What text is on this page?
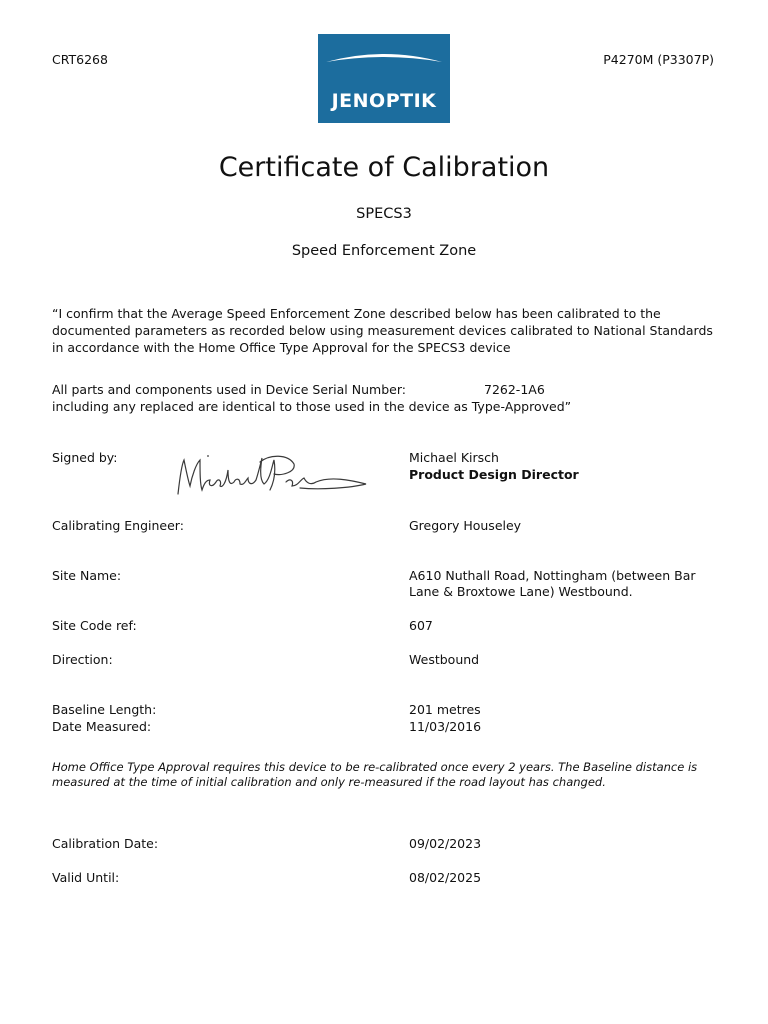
CRT6268	P4270M (P3307P)
JENOPTIK
Certificate of Calibration
SPECS3
Speed Enforcement Zone
“I confirm that the Average Speed Enforcement Zone described below has been calibrated to the documented parameters as recorded below using measurement devices calibrated to National Standards in accordance with the Home Office Type Approval for the SPECS3 device
All parts and components used in Device Serial Number:	7262-1A6
including any replaced are identical to those used in the device as Type-Approved”
Signed by:	Michael Kirsch
Product Design Director
Calibrating Engineer:	Gregory Houseley
Site Name:	A610 Nuthall Road, Nottingham (between Bar Lane & Broxtowe Lane) Westbound.
Site Code ref:	607
Direction:	Westbound
Baseline Length:	201 metres
Date Measured:	11/03/2016
Home Office Type Approval requires this device to be re-calibrated once every 2 years. The Baseline distance is measured at the time of initial calibration and only re-measured if the road layout has changed.
Calibration Date:	09/02/2023
Valid Until:	08/02/2025
